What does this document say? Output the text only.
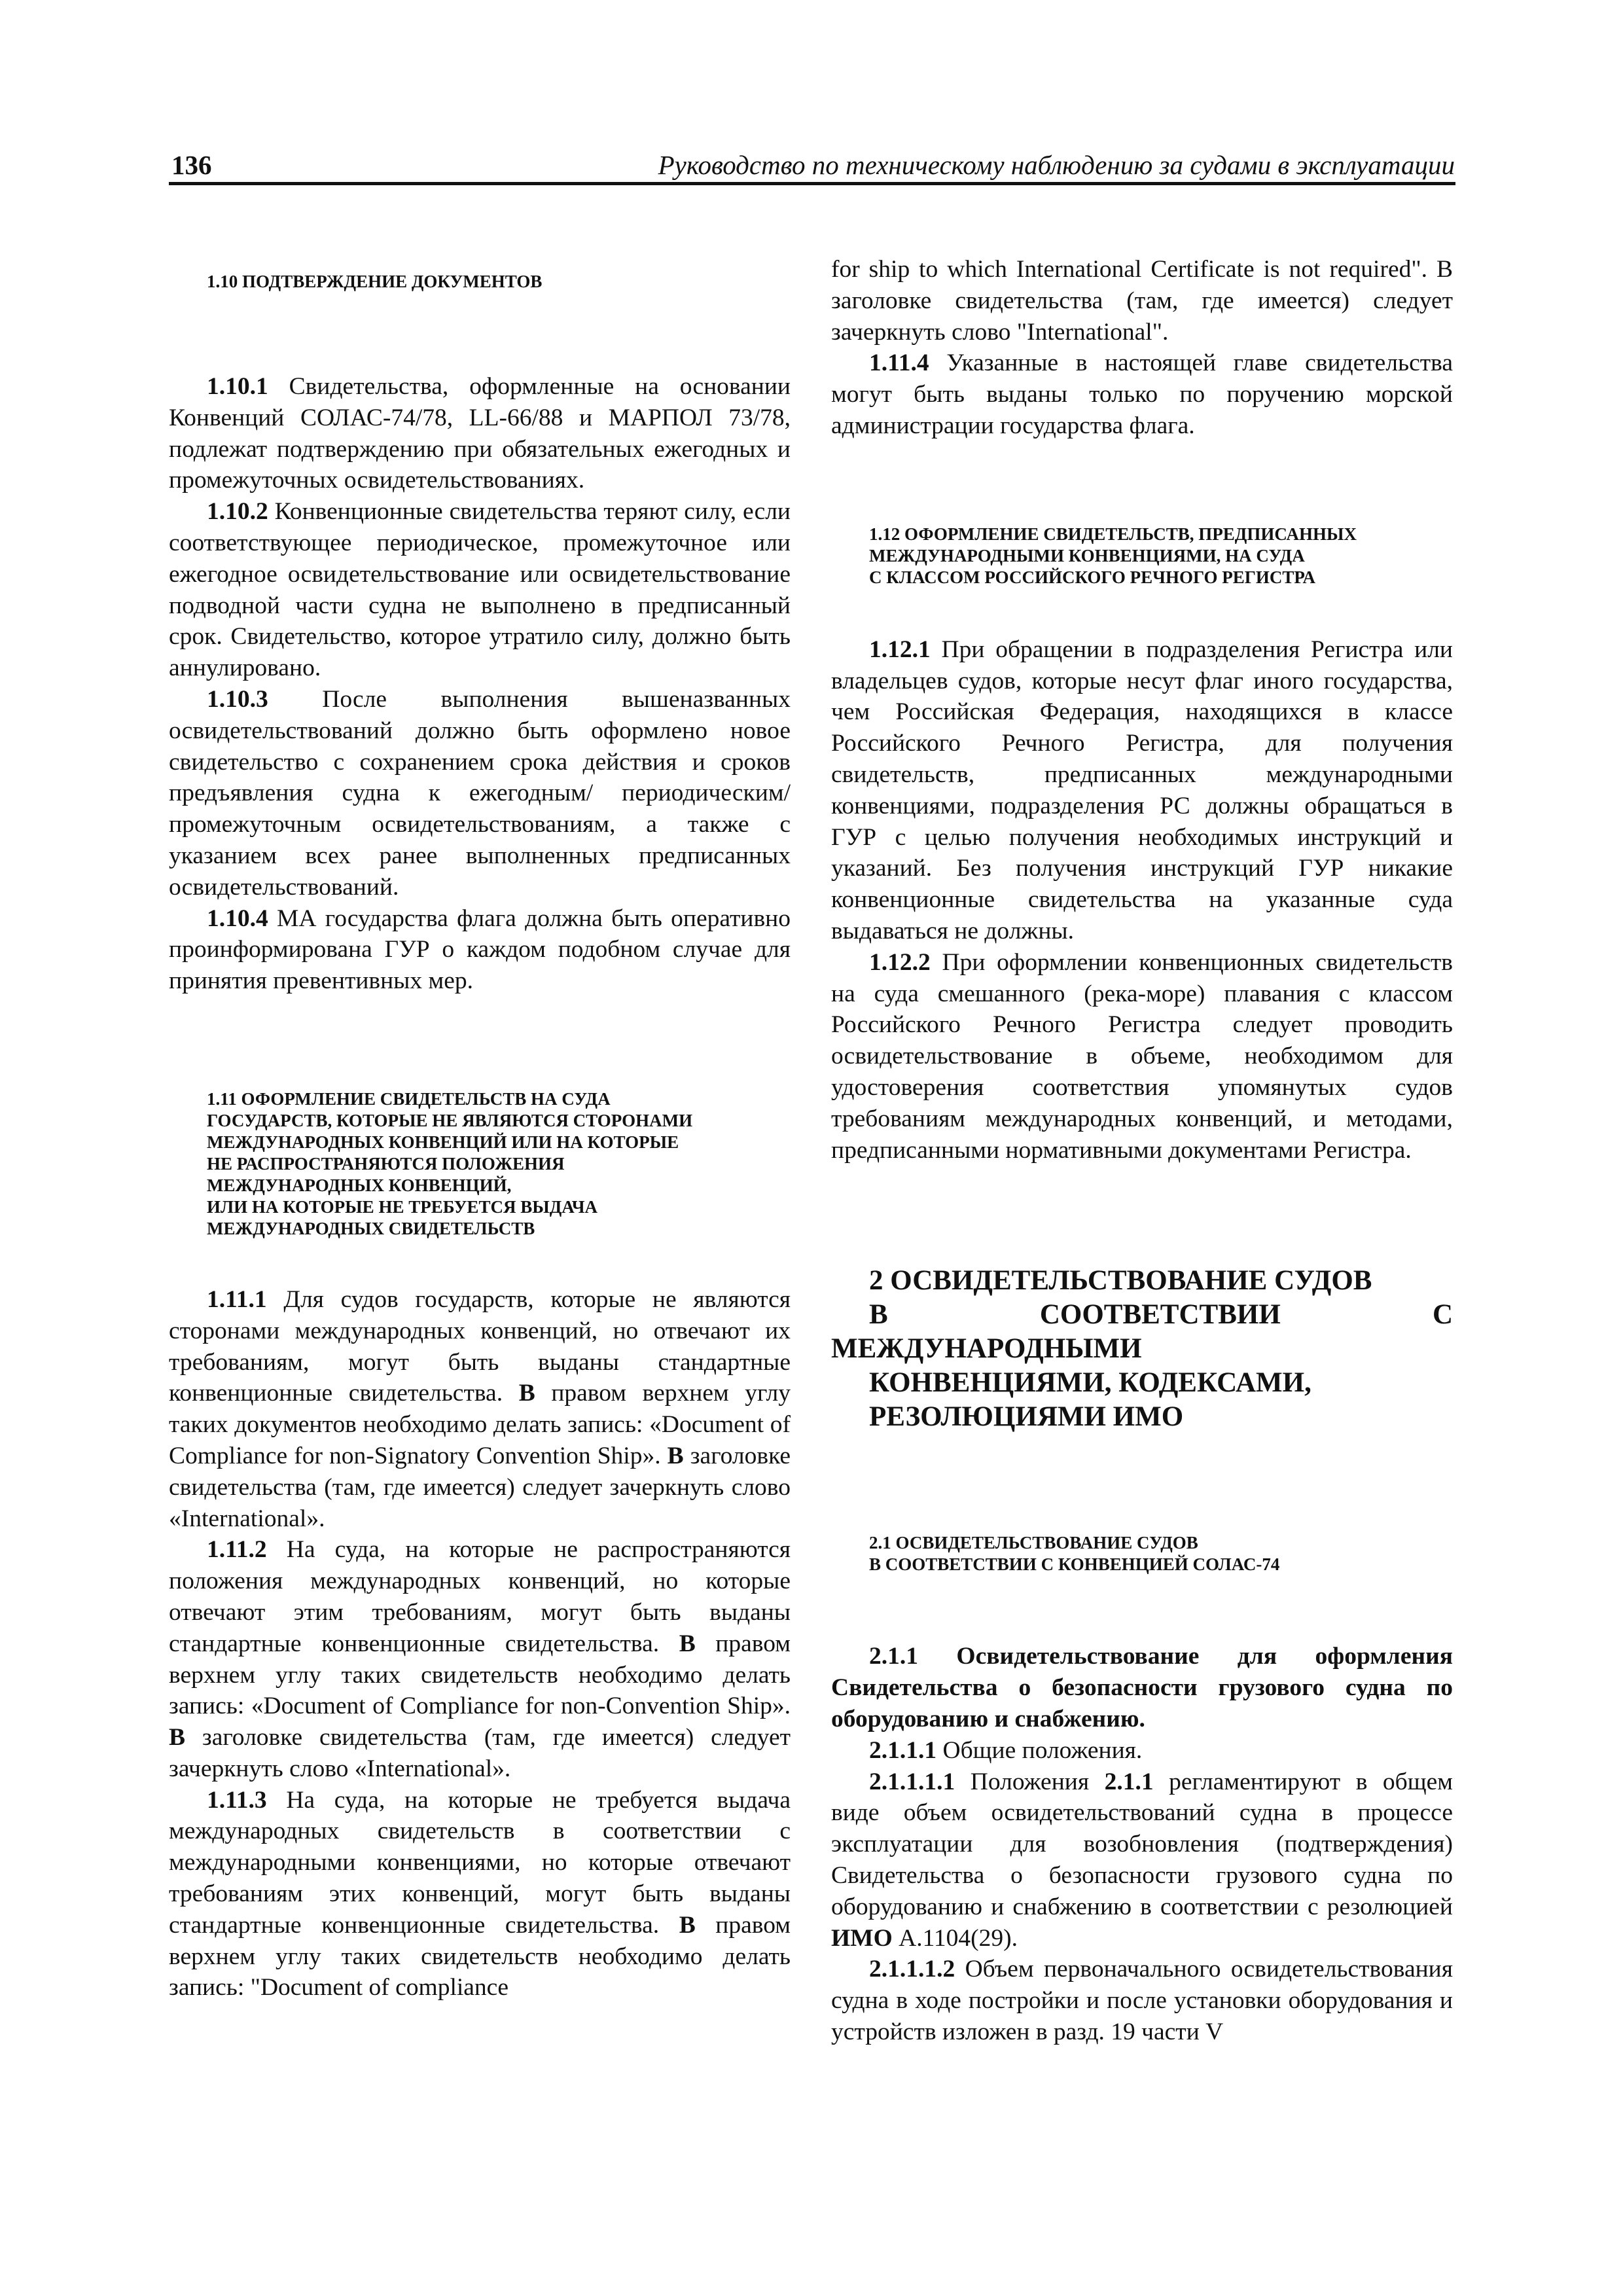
136	Руководство по техническому наблюдению за судами в эксплуатации

1.10 ПОДТВЕРЖДЕНИЕ ДОКУМЕНТОВ

1.10.1 Свидетельства, оформленные на основании Конвенций СОЛАС-74/78, LL-66/88 и МАРПОЛ 73/78, подлежат подтверждению при обязательных ежегодных и промежуточных освидетельствованиях.

1.10.2 Конвенционные свидетельства теряют силу, если соответствующее периодическое, промежуточное или ежегодное освидетельствование или освидетельствование подводной части судна не выполнено в предписанный срок. Свидетельство, которое утратило силу, должно быть аннулировано.

1.10.3 После выполнения вышеназванных освидетельствований должно быть оформлено новое свидетельство с сохранением срока действия и сроков предъявления судна к ежегодным/ периодическим/промежуточным освидетельствованиям, а также с указанием всех ранее выполненных предписанных освидетельствований.

1.10.4 МА государства флага должна быть оперативно проинформирована ГУР о каждом подобном случае для принятия превентивных мер.

1.11 ОФОРМЛЕНИЕ СВИДЕТЕЛЬСТВ НА СУДА

ГОСУДАРСТВ, КОТОРЫЕ НЕ ЯВЛЯЮТСЯ СТОРОНАМИ

МЕЖДУНАРОДНЫХ КОНВЕНЦИЙ ИЛИ НА КОТОРЫЕ

НЕ РАСПРОСТРАНЯЮТСЯ ПОЛОЖЕНИЯ

МЕЖДУНАРОДНЫХ КОНВЕНЦИЙ,

ИЛИ НА КОТОРЫЕ НЕ ТРЕБУЕТСЯ ВЫДАЧА

МЕЖДУНАРОДНЫХ СВИДЕТЕЛЬСТВ

1.11.1 Для судов государств, которые не являются сторонами международных конвенций, но отвечают их требованиям, могут быть выданы стандартные конвенционные свидетельства. В правом верхнем углу таких документов необходимо делать запись: «Document of Compliance for non-Signatory Convention Ship». В заголовке свидетельства (там, где имеется) следует зачеркнуть слово «International».

1.11.2 На суда, на которые не распространяются положения международных конвенций, но которые отвечают этим требованиям, могут быть выданы стандартные конвенционные свидетельства. В правом верхнем углу таких свидетельств необходимо делать запись: «Document of Compliance for non-Convention Ship». В заголовке свидетельства (там, где имеется) следует зачеркнуть слово «International».

1.11.3 На суда, на которые не требуется выдача международных свидетельств в соответствии с международными конвенциями, но которые отвечают требованиям этих конвенций, могут быть выданы стандартные конвенционные свидетельства. В правом верхнем углу таких свидетельств необходимо делать запись: "Document of compliance

for ship to which International Certificate is not required". В заголовке свидетельства (там, где имеется) следует зачеркнуть слово "International".

1.11.4 Указанные в настоящей главе свидетельства могут быть выданы только по поручению морской администрации государства флага.

1.12 ОФОРМЛЕНИЕ СВИДЕТЕЛЬСТВ, ПРЕДПИСАННЫХ

МЕЖДУНАРОДНЫМИ КОНВЕНЦИЯМИ, НА СУДА

С КЛАССОМ РОССИЙСКОГО РЕЧНОГО РЕГИСТРА

1.12.1 При обращении в подразделения Регистра или владельцев судов, которые несут флаг иного государства, чем Российская Федерация, находящихся в классе Российского Речного Регистра, для получения свидетельств, предписанных международными конвенциями, подразделения РС должны обращаться в ГУР с целью получения необходимых инструкций и указаний. Без получения инструкций ГУР никакие конвенционные свидетельства на указанные суда выдаваться не должны.

1.12.2 При оформлении конвенционных свидетельств на суда смешанного (река-море) плавания с классом Российского Речного Регистра следует проводить освидетельствование в объеме, необходимом для удостоверения соответствия упомянутых судов требованиям международных конвенций, и методами, предписанными нормативными документами Регистра.

2 ОСВИДЕТЕЛЬСТВОВАНИЕ СУДОВ

В СООТВЕТСТВИИ С МЕЖДУНАРОДНЫМИ

КОНВЕНЦИЯМИ, КОДЕКСАМИ,

РЕЗОЛЮЦИЯМИ ИМО

2.1 ОСВИДЕТЕЛЬСТВОВАНИЕ СУДОВ

В СООТВЕТСТВИИ С КОНВЕНЦИЕЙ СОЛАС-74

2.1.1 Освидетельствование для оформления Свидетельства о безопасности грузового судна по оборудованию и снабжению.

2.1.1.1 Общие положения.

2.1.1.1.1 Положения 2.1.1 регламентируют в общем виде объем освидетельствований судна в процессе эксплуатации для возобновления (подтверждения) Свидетельства о безопасности грузового судна по оборудованию и снабжению в соответствии с резолюцией ИМО А.1104(29).

2.1.1.1.2 Объем первоначального освидетельствования судна в ходе постройки и после установки оборудования и устройств изложен в разд. 19 части V
